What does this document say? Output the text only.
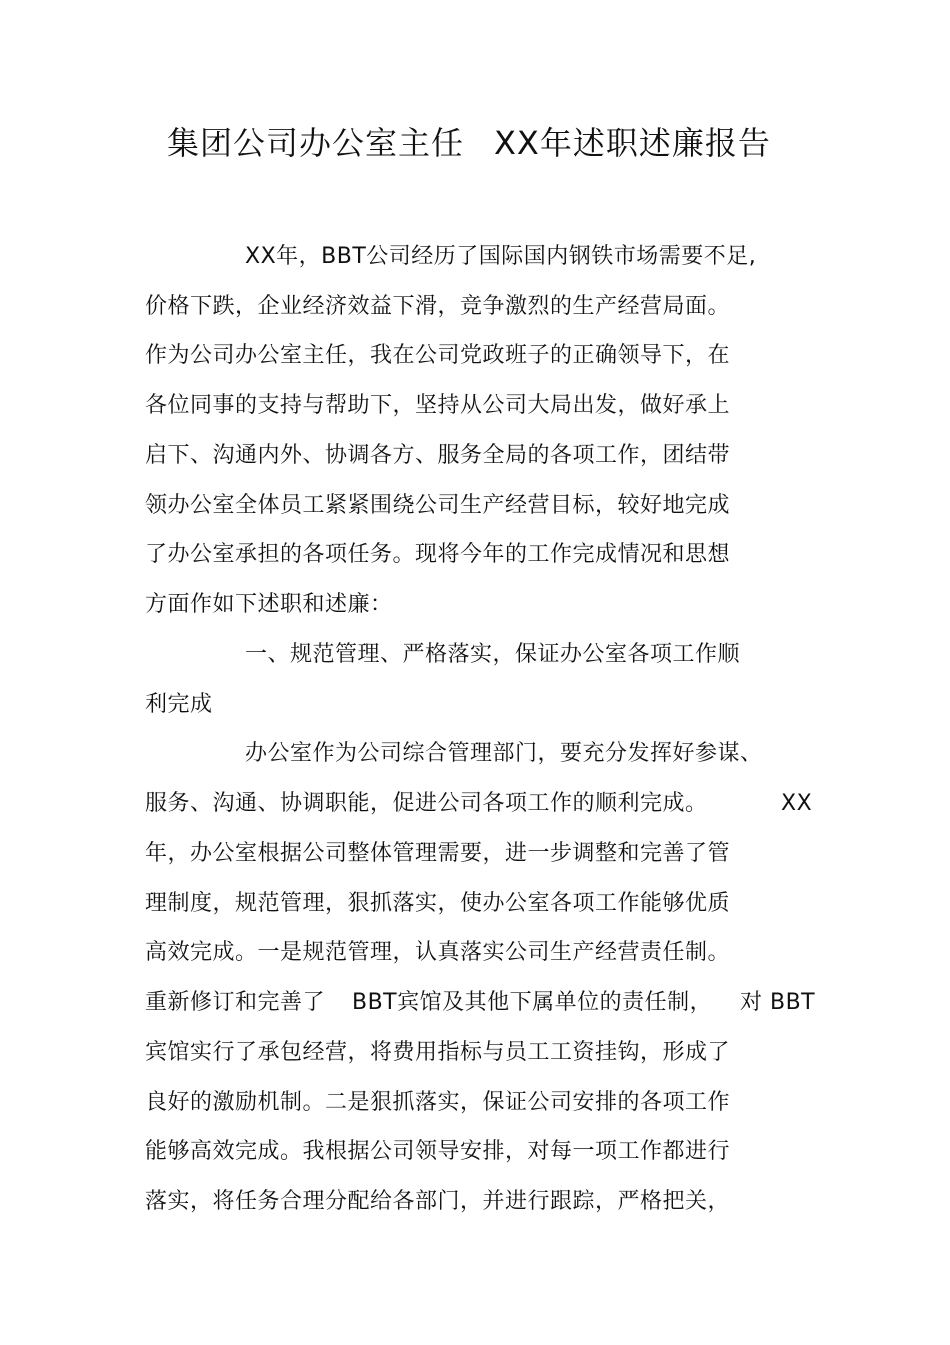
集团公司办公室主任 XX年述职述廉报告
XX年，BBT公司经历了国际国内钢铁市场需要不足,
价格下跌，企业经济效益下滑，竞争激烈的生产经营局面。
作为公司办公室主任，我在公司党政班子的正确领导下，在
各位同事的支持与帮助下，坚持从公司大局出发，做好承上
启下、沟通内外、协调各方、服务全局的各项工作，团结带
领办公室全体员工紧紧围绕公司生产经营目标，较好地完成
了办公室承担的各项任务。现将今年的工作完成情况和思想
方面作如下述职和述廉：
一、规范管理、严格落实，保证办公室各项工作顺
利完成
办公室作为公司综合管理部门，要充分发挥好参谋、
服务、沟通、协调职能，促进公司各项工作的顺利完成。	XX
年，办公室根据公司整体管理需要，进一步调整和完善了管
理制度，规范管理，狠抓落实，使办公室各项工作能够优质
高效完成。一是规范管理，认真落实公司生产经营责任制。
重新修订和完善了 BBT宾馆及其他下属单位的责任制， 对 BBT
宾馆实行了承包经营，将费用指标与员工工资挂钩，形成了
良好的激励机制。二是狠抓落实，保证公司安排的各项工作
能够高效完成。我根据公司领导安排，对每一项工作都进行
落实，将任务合理分配给各部门，并进行跟踪，严格把关，
